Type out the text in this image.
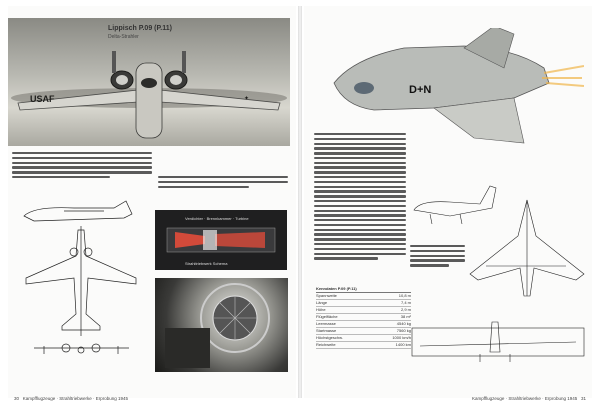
USAF	✦
Verdichter · Brennkammer · Turbine
Strahltriebwerk Schema
30 Kampfflugzeuge · Strahltriebwerke · Erprobung 1945
D+N
Lippisch P.09 (P.11)
Delta-Strahler
Kenndaten P.09 (P.11)
Spannweite	10,8 m
Länge	7,4 m
Höhe	2,9 m
Flügelfläche	38 m²
Leermasse	4540 kg
Startmasse	7560 kg
Höchstgeschw.	1000 km/h
Reichweite	1400 km
Kampfflugzeuge · Strahltriebwerke · Erprobung 1945 31
